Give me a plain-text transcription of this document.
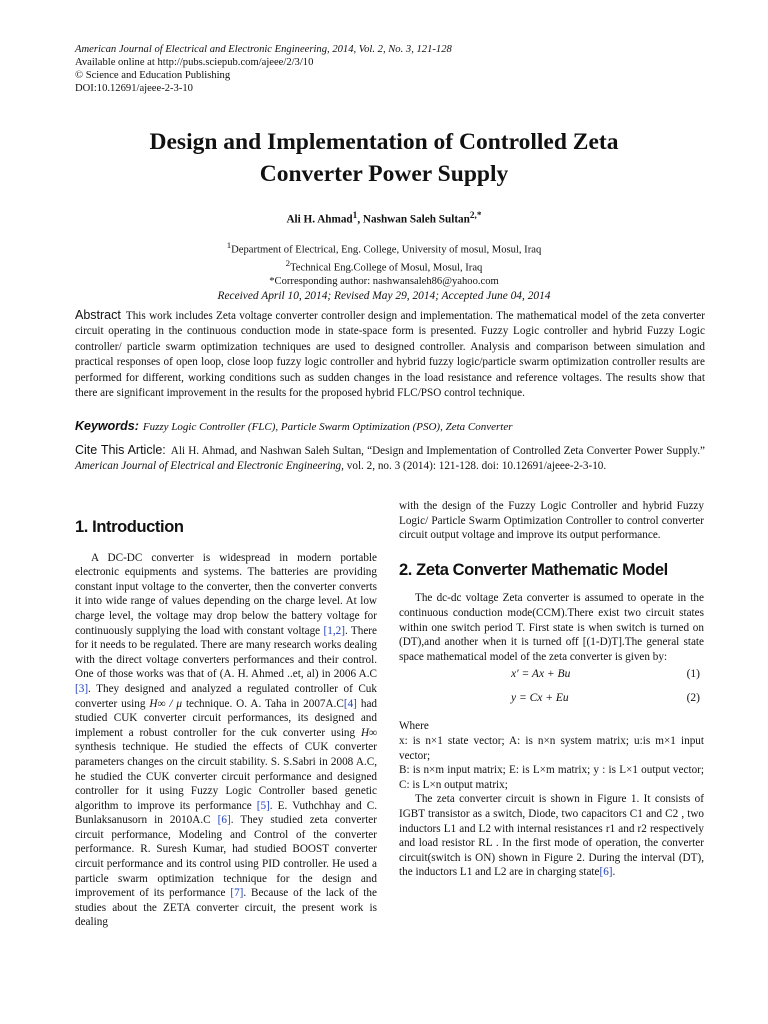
American Journal of Electrical and Electronic Engineering, 2014, Vol. 2, No. 3, 121-128
Available online at http://pubs.sciepub.com/ajeee/2/3/10
© Science and Education Publishing
DOI:10.12691/ajeee-2-3-10
Design and Implementation of Controlled Zeta
Converter Power Supply
Ali H. Ahmad$^1$, Nashwan Saleh Sultan$^{2,*}$
$^1$Department of Electrical, Eng. College, University of mosul, Mosul, Iraq
$^2$Technical Eng.College of Mosul, Mosul, Iraq
*Corresponding author: nashwansaleh86@yahoo.com
Received April 10, 2014; Revised May 29, 2014; Accepted June 04, 2014
Abstract This work includes Zeta voltage converter controller design and implementation. The mathematical model of the zeta converter circuit operating in the continuous conduction mode in state-space form is presented. Fuzzy Logic controller and hybrid Fuzzy Logic controller/ particle swarm optimization techniques are used to designed controller. Analysis and comparison between simulation and practical responses of open loop, close loop fuzzy logic controller and hybrid fuzzy logic/particle swarm optimization controller results are performed for different, working conditions such as sudden changes in the load resistance and reference voltages. The results show that there are significant improvement in the results for the proposed hybrid FLC/PSO control technique.
Keywords: Fuzzy Logic Controller (FLC), Particle Swarm Optimization (PSO), Zeta Converter
Cite This Article: Ali H. Ahmad, and Nashwan Saleh Sultan, “Design and Implementation of Controlled Zeta Converter Power Supply.” American Journal of Electrical and Electronic Engineering, vol. 2, no. 3 (2014): 121-128. doi: 10.12691/ajeee-2-3-10.
1. Introduction

A DC-DC converter is widespread in modern portable electronic equipments and systems. The batteries are providing constant input voltage to the converter, then the converter converts it into wide range of values depending on the charge level. At low charge level, the voltage may drop below the battery voltage for continuously supplying the load with constant voltage [1,2]. There for it needs to be regulated. There are many research works dealing with the direct voltage converters performances and their control. One of those works was that of (A. H. Ahmed ..et, al) in 2006 A.C [3]. They designed and analyzed a regulated controller of Cuk converter using H∞ / μ technique. O. A. Taha in 2007A.C[4] had studied CUK converter circuit performances, its designed and implement a robust controller for the cuk converter using H∞ synthesis technique. He studied the effects of CUK converter parameters changes on the circuit stability. S. S.Sabri in 2008 A.C, he studied the CUK converter circuit performance and designed controller for it using Fuzzy Logic Controller based genetic algorithm to improve its performance [5]. E. Vuthchhay and C. Bunlaksanusorn in 2010A.C [6]. They studied zeta converter circuit performance, Modeling and Control of the converter performance. R. Suresh Kumar, had studied BOOST converter circuit performance and its control using PID controller. He used a particle swarm optimization technique for the design and improvement of its performance [7]. Because of the lack of the studies about the ZETA converter circuit, the present work is dealing

with the design of the Fuzzy Logic Controller and hybrid Fuzzy Logic/ Particle Swarm Optimization Controller to control converter circuit output voltage and improve its output performance.

2. Zeta Converter Mathematic Model

The dc-dc voltage Zeta converter is assumed to operate in the continuous conduction mode(CCM).There exist two circuit states within one switch period T. First state is when switch is turned on (DT),and another when it is turned off [(1-D)T].The general state space mathematical model of the zeta converter is given by:

x′ = Ax + Bu	(1)
y = Cx + Eu	(2)

Where

x: is n×1 state vector; A: is n×n system matrix; u:is m×1 input vector;

B: is n×m input matrix; E: is L×m matrix; y : is L×1 output vector; C: is L×n output matrix;

The zeta converter circuit is shown in Figure 1. It consists of IGBT transistor as a switch, Diode, two capacitors C1 and C2 , two inductors L1 and L2 with internal resistances r1 and r2 respectively and load resistor RL . In the first mode of operation, the converter circuit(switch is ON) shown in Figure 2. During the interval (DT), the inductors L1 and L2 are in charging state[6].
